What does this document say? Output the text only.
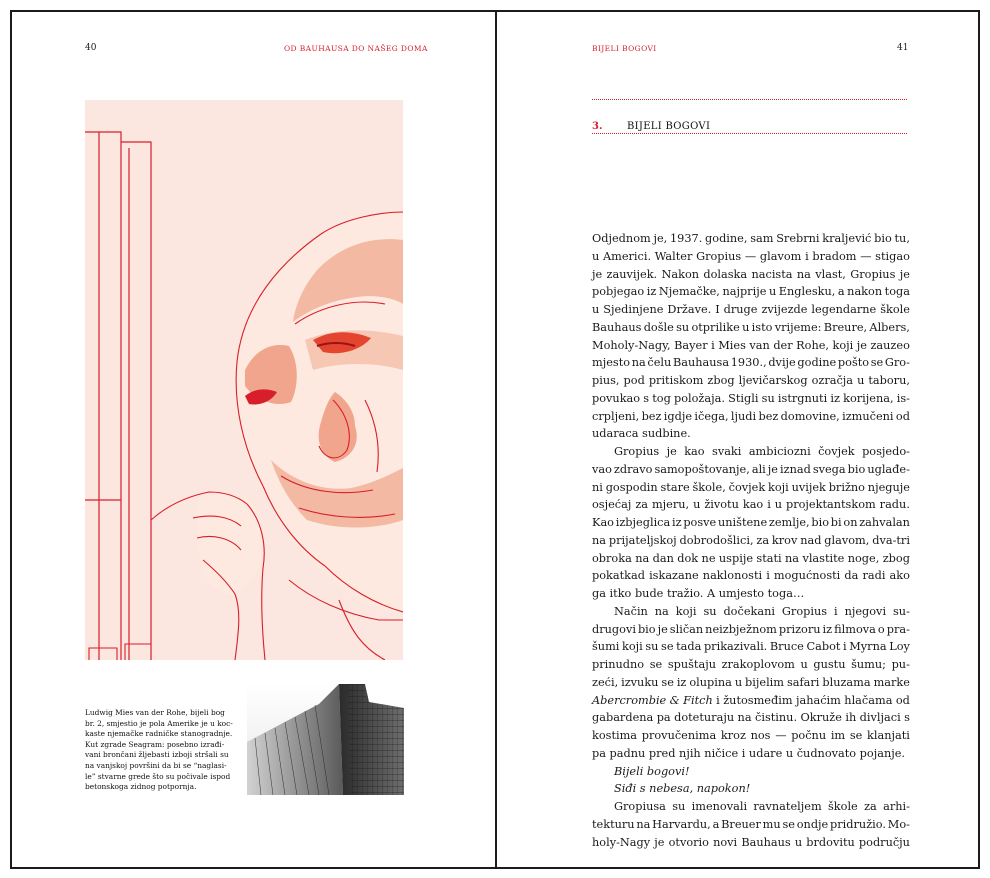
40	OD BAUHAUSA DO NAŠEG DOMA
Ludwig Mies van der Rohe, bijeli bog
br. 2, smjestio je pola Amerike je u koc-
kaste njemačke radničke stanogradnje.
Kut zgrade Seagram: posebno izrađi-
vani brončani žljebasti izboji stršali su
na vanjskoj površini da bi se “naglasi-
le” stvarne grede što su počivale ispod
betonskoga zidnog potpornja.
BIJELI BOGOVI	41
3. BIJELI BOGOVI
Odjednom je, 1937. godine, sam Srebrni kraljević bio tu,
u Americi. Walter Gropius — glavom i bradom — stigao
je zauvijek. Nakon dolaska nacista na vlast, Gropius je
pobjegao iz Njemačke, najprije u Englesku, a nakon toga
u Sjedinjene Države. I druge zvijezde legendarne škole
Bauhaus došle su otprilike u isto vrijeme: Breure, Albers,
Moholy-Nagy, Bayer i Mies van der Rohe, koji je zauzeo
mjesto na čelu Bauhausa 1930., dvije godine pošto se Gro-
pius, pod pritiskom zbog ljevičarskog ozračja u taboru,
povukao s tog položaja. Stigli su istrgnuti iz korijena, is-
crpljeni, bez igdje ičega, ljudi bez domovine, izmučeni od
udaraca sudbine.
Gropius je kao svaki ambiciozni čovjek posjedo-
vao zdravo samopoštovanje, ali je iznad svega bio uglađe-
ni gospodin stare škole, čovjek koji uvijek brižno njeguje
osjećaj za mjeru, u životu kao i u projektantskom radu.
Kao izbjeglica iz posve uništene zemlje, bio bi on zahvalan
na prijateljskoj dobrodošlici, za krov nad glavom, dva-tri
obroka na dan dok ne uspije stati na vlastite noge, zbog
pokatkad iskazane naklonosti i mogućnosti da radi ako
ga itko bude tražio. A umjesto toga…
Način na koji su dočekani Gropius i njegovi su-
drugovi bio je sličan neizbježnom prizoru iz filmova o pra-
šumi koji su se tada prikazivali. Bruce Cabot i Myrna Loy
prinudno se spuštaju zrakoplovom u gustu šumu; pu-
zeći, izvuku se iz olupina u bijelim safari bluzama marke
Abercrombie & Fitch i žutosmeđim jahaćim hlačama od
gabardena pa doteturaju na čistinu. Okruže ih divljaci s
kostima provučenima kroz nos — počnu im se klanjati
pa padnu pred njih ničice i udare u čudnovato pojanje.
Bijeli bogovi!
Siđi s nebesa, napokon!
Gropiusa su imenovali ravnateljem škole za arhi-
tekturu na Harvardu, a Breuer mu se ondje pridružio. Mo-
holy-Nagy je otvorio novi Bauhaus u brdovitu području
